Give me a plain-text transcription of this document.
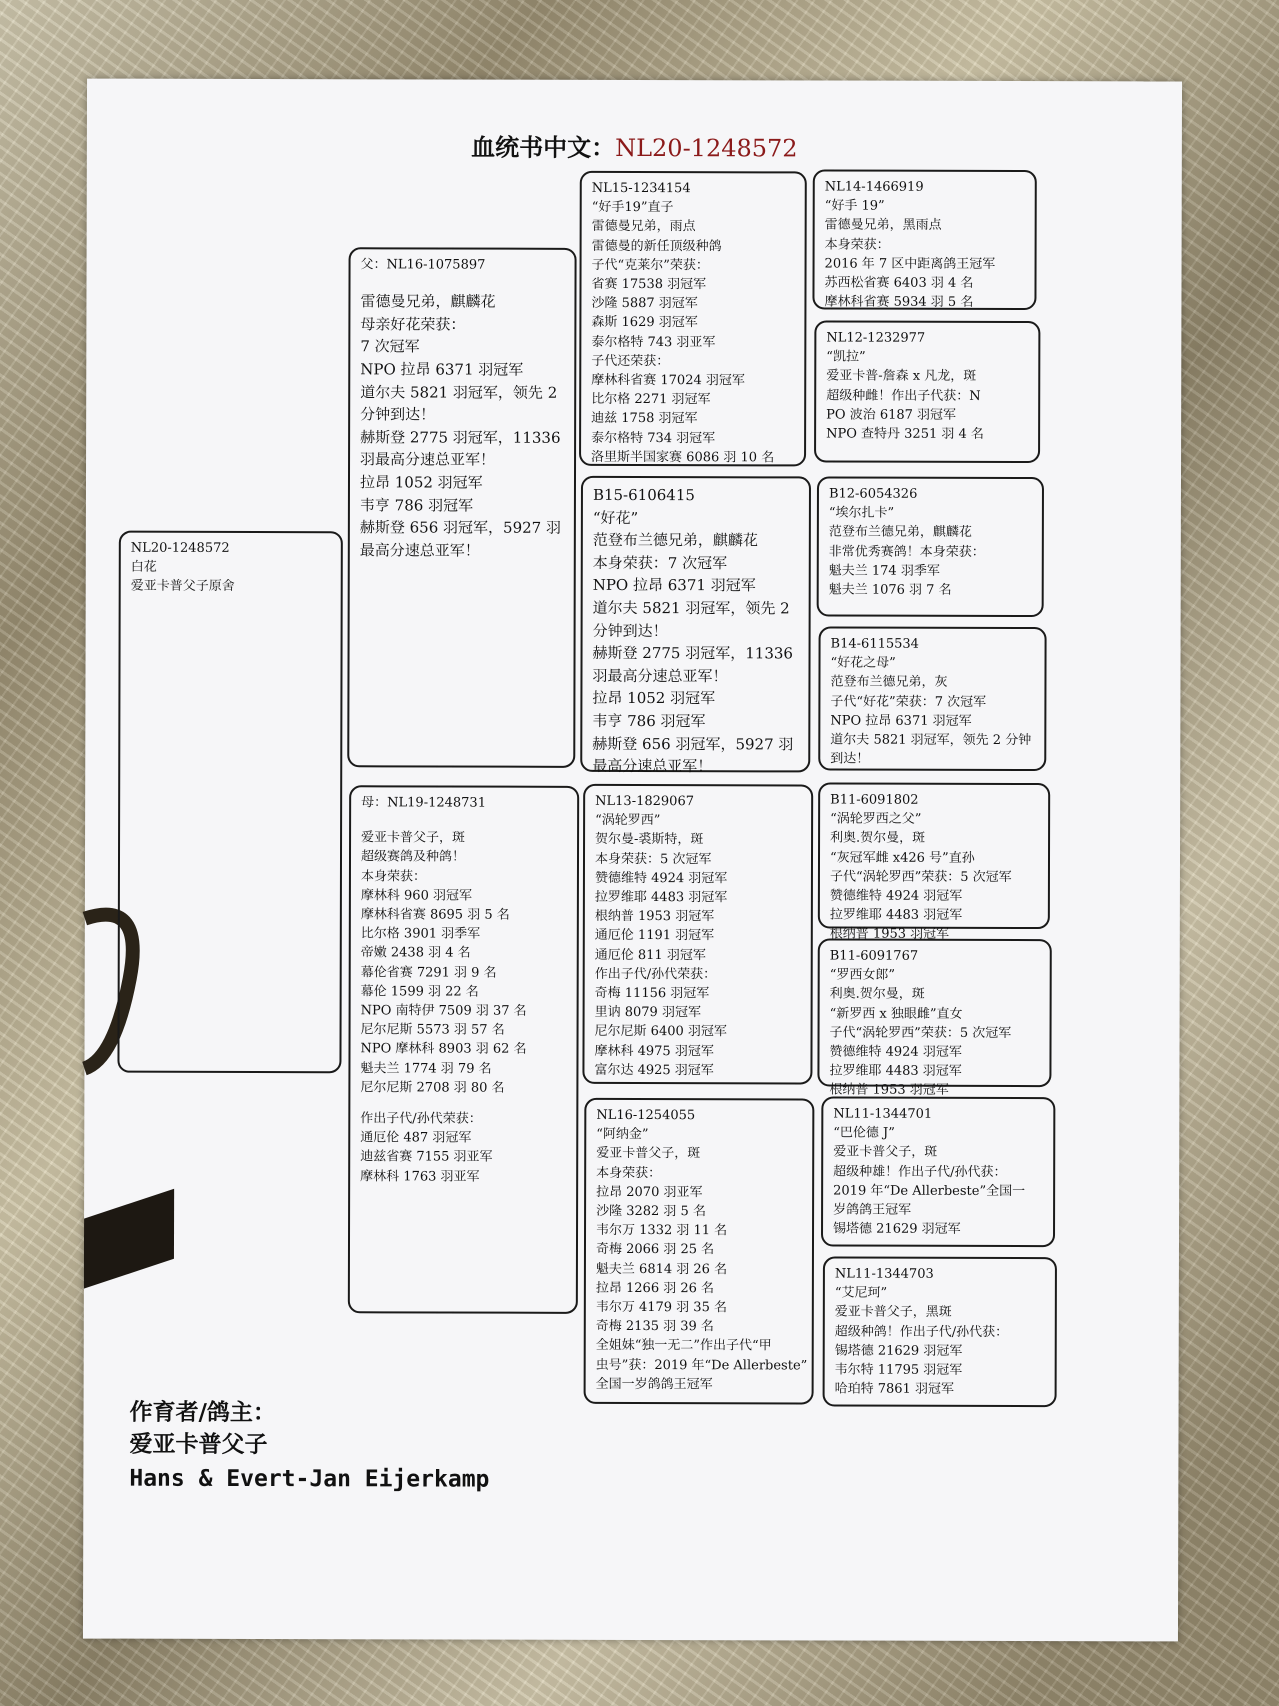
血统书中文：NL20-1248572
NL20-1248572
白花
爱亚卡普父子原舍
父：NL16-1075897
雷德曼兄弟，麒麟花
母亲好花荣获：
7 次冠军
NPO 拉昂 6371 羽冠军
道尔夫 5821 羽冠军，领先 2
分钟到达！
赫斯登 2775 羽冠军，11336
羽最高分速总亚军！
拉昂 1052 羽冠军
韦亨 786 羽冠军
赫斯登 656 羽冠军，5927 羽
最高分速总亚军！
母：NL19-1248731
爱亚卡普父子，斑
超级赛鸽及种鸽！
本身荣获：
摩林科 960 羽冠军
摩林科省赛 8695 羽 5 名
比尔格 3901 羽季军
帝嫩 2438 羽 4 名
幕伦省赛 7291 羽 9 名
幕伦 1599 羽 22 名
NPO 南特伊 7509 羽 37 名
尼尔尼斯 5573 羽 57 名
NPO 摩林科 8903 羽 62 名
魁夫兰 1774 羽 79 名
尼尔尼斯 2708 羽 80 名
作出子代/孙代荣获：
通厄伦 487 羽冠军
迪兹省赛 7155 羽亚军
摩林科 1763 羽亚军
NL15-1234154
“好手19”直子
雷德曼兄弟，雨点
雷德曼的新任顶级种鸽
子代“克莱尔”荣获：
省赛 17538 羽冠军
沙隆 5887 羽冠军
森斯 1629 羽冠军
泰尔格特 743 羽亚军
子代还荣获：
摩林科省赛 17024 羽冠军
比尔格 2271 羽冠军
迪兹 1758 羽冠军
泰尔格特 734 羽冠军
洛里斯半国家赛 6086 羽 10 名
B15-6106415
“好花”
范登布兰德兄弟，麒麟花
本身荣获：7 次冠军
NPO 拉昂 6371 羽冠军
道尔夫 5821 羽冠军，领先 2
分钟到达！
赫斯登 2775 羽冠军，11336
羽最高分速总亚军！
拉昂 1052 羽冠军
韦亨 786 羽冠军
赫斯登 656 羽冠军，5927 羽
最高分速总亚军！
NL13-1829067
“涡轮罗西”
贺尔曼-裘斯特，斑
本身荣获：5 次冠军
赞德维特 4924 羽冠军
拉罗维耶 4483 羽冠军
根纳普 1953 羽冠军
通厄伦 1191 羽冠军
通厄伦 811 羽冠军
作出子代/孙代荣获：
奇梅 11156 羽冠军
里讷 8079 羽冠军
尼尔尼斯 6400 羽冠军
摩林科 4975 羽冠军
富尔达 4925 羽冠军
NL16-1254055
“阿纳金”
爱亚卡普父子，斑
本身荣获：
拉昂 2070 羽亚军
沙隆 3282 羽 5 名
韦尔万 1332 羽 11 名
奇梅 2066 羽 25 名
魁夫兰 6814 羽 26 名
拉昂 1266 羽 26 名
韦尔万 4179 羽 35 名
奇梅 2135 羽 39 名
全姐妹“独一无二”作出子代“甲
虫号”获：2019 年“De Allerbeste”
全国一岁鸽鸽王冠军
NL14-1466919
“好手 19”
雷德曼兄弟，黑雨点
本身荣获：
2016 年 7 区中距离鸽王冠军
苏西松省赛 6403 羽 4 名
摩林科省赛 5934 羽 5 名
NL12-1232977
“凯拉”
爱亚卡普-詹森 x 凡龙，斑
超级种雌！作出子代获：N
PO 波治 6187 羽冠军
NPO 查特丹 3251 羽 4 名
B12-6054326
“埃尔扎卡”
范登布兰德兄弟，麒麟花
非常优秀赛鸽！本身荣获：
魁夫兰 174 羽季军
魁夫兰 1076 羽 7 名
B14-6115534
“好花之母”
范登布兰德兄弟，灰
子代“好花”荣获：7 次冠军
NPO 拉昂 6371 羽冠军
道尔夫 5821 羽冠军，领先 2 分钟
到达！
B11-6091802
“涡轮罗西之父”
利奥.贺尔曼，斑
“灰冠军雌 x426 号”直孙
子代“涡轮罗西”荣获：5 次冠军
赞德维特 4924 羽冠军
拉罗维耶 4483 羽冠军
根纳普 1953 羽冠军
B11-6091767
“罗西女郎”
利奥.贺尔曼，斑
“新罗西 x 独眼雌”直女
子代“涡轮罗西”荣获：5 次冠军
赞德维特 4924 羽冠军
拉罗维耶 4483 羽冠军
根纳普 1953 羽冠军
NL11-1344701
“巴伦德 J”
爱亚卡普父子，斑
超级种雄！作出子代/孙代获：
2019 年“De Allerbeste”全国一
岁鸽鸽王冠军
锡塔德 21629 羽冠军
NL11-1344703
“艾尼珂”
爱亚卡普父子，黑斑
超级种鸽！作出子代/孙代获：
锡塔德 21629 羽冠军
韦尔特 11795 羽冠军
哈珀特 7861 羽冠军
作育者/鸽主：
爱亚卡普父子
Hans & Evert-Jan Eijerkamp
